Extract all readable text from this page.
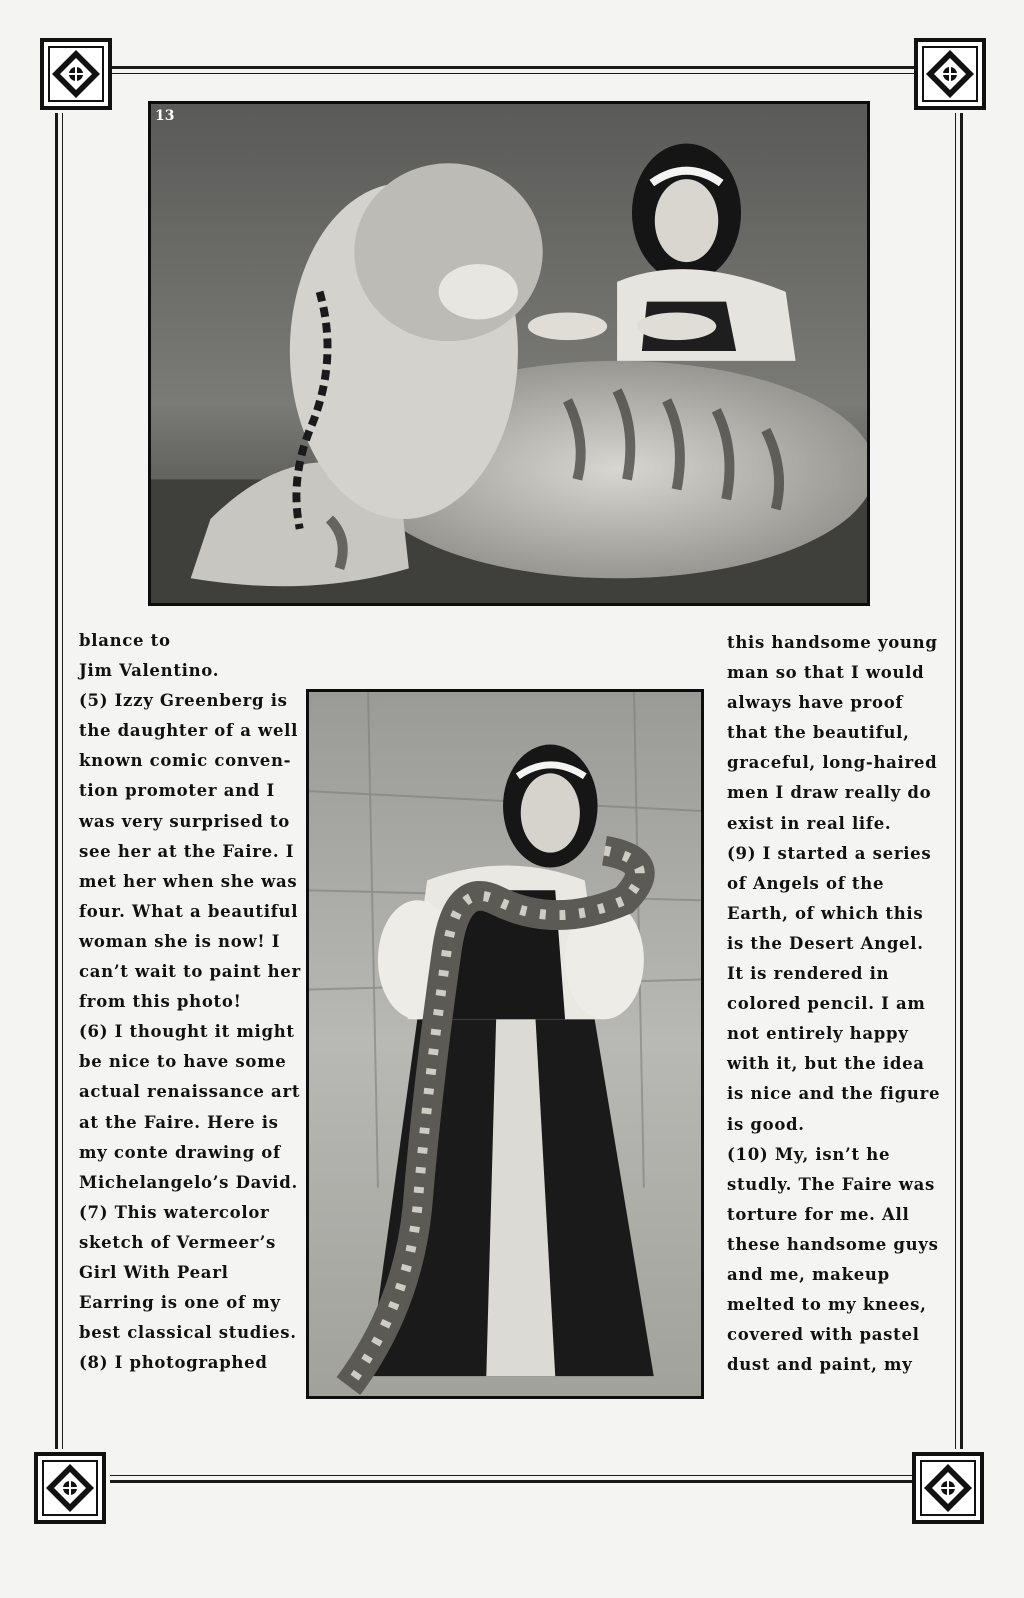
13
blance to
Jim Valentino.
(5) Izzy Greenberg is
the daughter of a well
known comic conven-
tion promoter and I
was very surprised to
see her at the Faire. I
met her when she was
four. What a beautiful
woman she is now! I
can’t wait to paint her
from this photo!
(6) I thought it might
be nice to have some
actual renaissance art
at the Faire. Here is
my conte drawing of
Michelangelo’s David.
(7) This watercolor
sketch of Vermeer’s
Girl With Pearl
Earring is one of my
best classical studies.
(8) I photographed
this handsome young
man so that I would
always have proof
that the beautiful,
graceful, long-haired
men I draw really do
exist in real life.
(9) I started a series
of Angels of the
Earth, of which this
is the Desert Angel.
It is rendered in
colored pencil. I am
not entirely happy
with it, but the idea
is nice and the figure
is good.
(10) My, isn’t he
studly. The Faire was
torture for me. All
these handsome guys
and me, makeup
melted to my knees,
covered with pastel
dust and paint, my
